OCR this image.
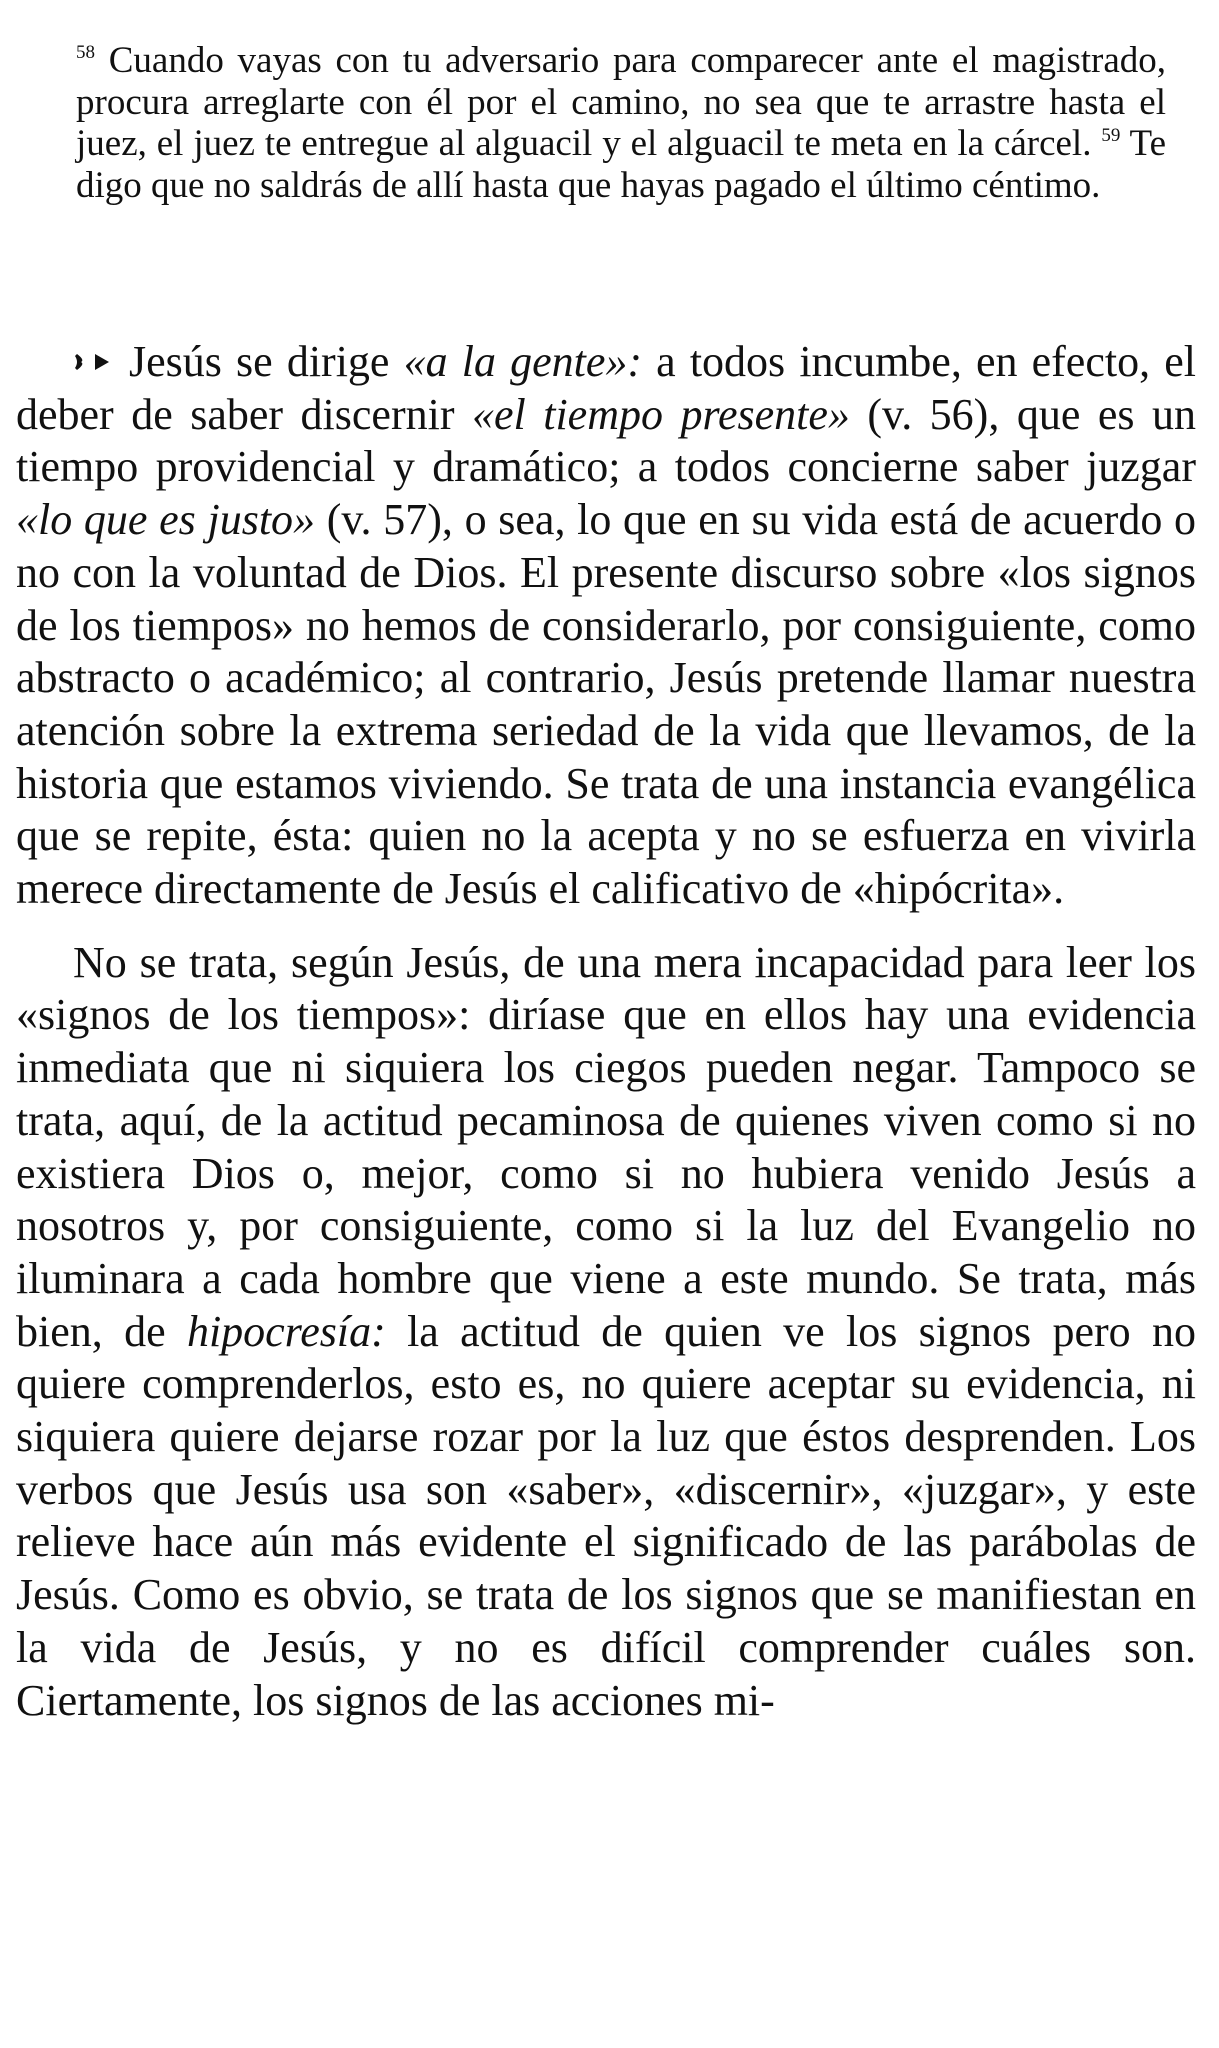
$^{58}$ Cuando vayas con tu adversario para comparecer ante el magistrado, procura arreglarte con él por el camino, no sea que te arrastre hasta el juez, el juez te entregue al alguacil y el alguacil te meta en la cárcel. $^{59}$ Te digo que no saldrás de allí hasta que hayas pagado el último céntimo.

Jesús se dirige «a la gente»: a todos incumbe, en efecto, el deber de saber discernir «el tiempo presente» (v. 56), que es un tiempo providencial y dramático; a todos concierne saber juzgar «lo que es justo» (v. 57), o sea, lo que en su vida está de acuerdo o no con la voluntad de Dios. El presente discurso sobre «los signos de los tiempos» no hemos de considerarlo, por consiguiente, como abstracto o académico; al contrario, Jesús pretende llamar nuestra atención sobre la extrema seriedad de la vida que llevamos, de la historia que estamos viviendo. Se trata de una instancia evangélica que se repite, ésta: quien no la acepta y no se esfuerza en vivirla merece directamente de Jesús el calificativo de «hipócrita».

No se trata, según Jesús, de una mera incapacidad para leer los «signos de los tiempos»: diríase que en ellos hay una evidencia inmediata que ni siquiera los ciegos pueden negar. Tampoco se trata, aquí, de la actitud pecaminosa de quienes viven como si no existiera Dios o, mejor, como si no hubiera venido Jesús a nosotros y, por consiguiente, como si la luz del Evangelio no iluminara a cada hombre que viene a este mundo. Se trata, más bien, de hipocresía: la actitud de quien ve los signos pero no quiere comprenderlos, esto es, no quiere aceptar su evidencia, ni siquiera quiere dejarse rozar por la luz que éstos desprenden. Los verbos que Jesús usa son «saber», «discernir», «juzgar», y este relieve hace aún más evidente el significado de las parábolas de Jesús. Como es obvio, se trata de los signos que se manifiestan en la vida de Jesús, y no es difícil comprender cuáles son. Ciertamente, los signos de las acciones mi-
